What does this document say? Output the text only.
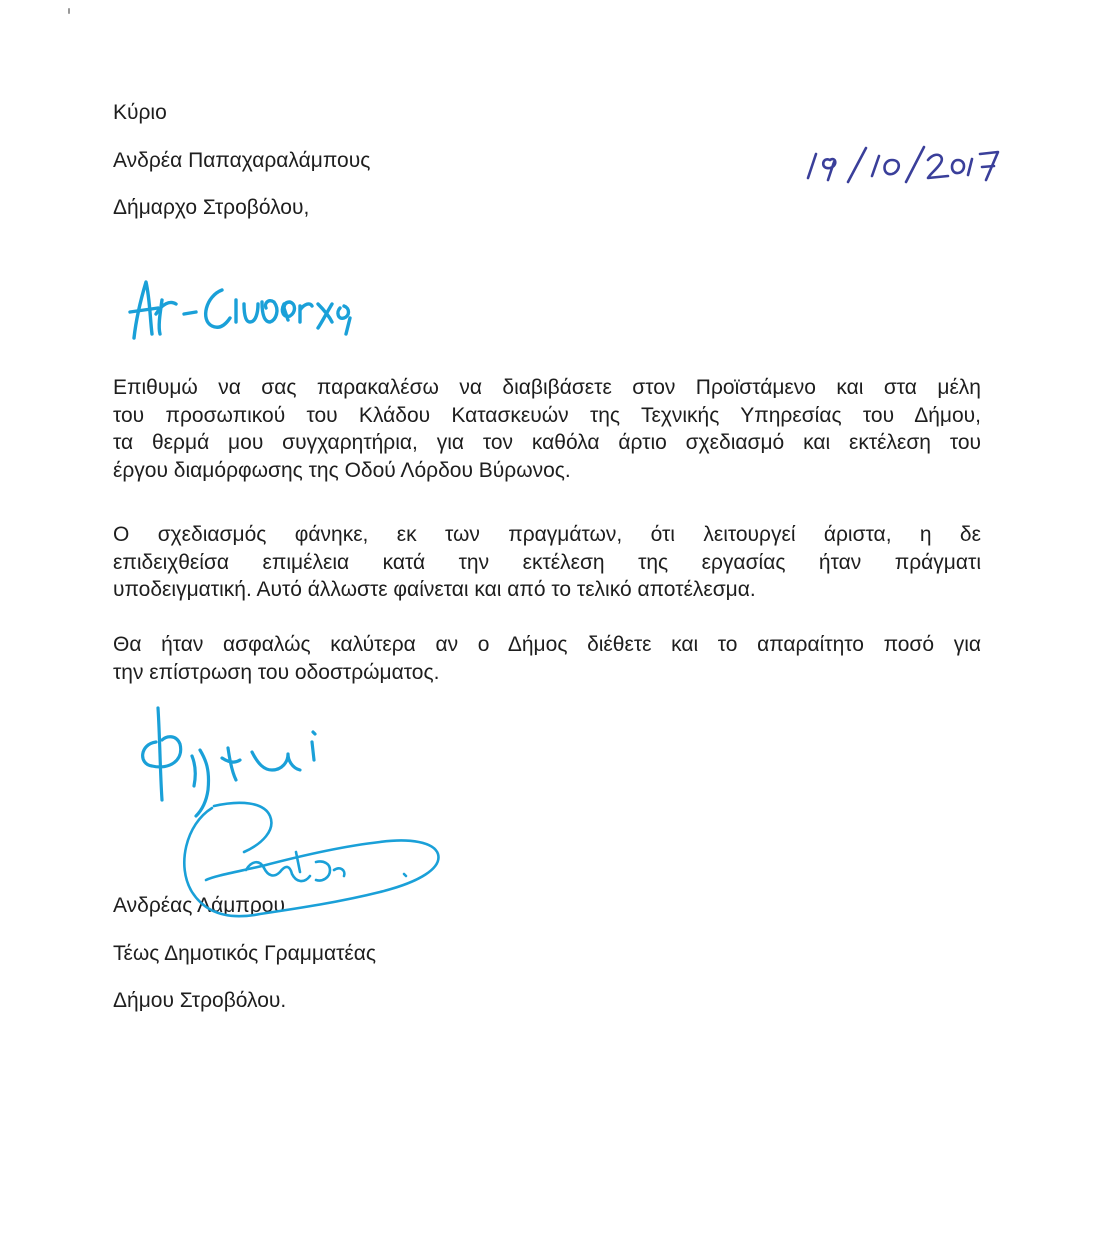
Κύριο
Ανδρέα Παπαχαραλάμπους
Δήμαρχο Στροβόλου,
Επιθυμώ να σας παρακαλέσω να διαβιβάσετε στον Προϊστάμενο και στα μέλη
του προσωπικού του Κλάδου Κατασκευών της Τεχνικής Υπηρεσίας του Δήμου,
τα θερμά μου συγχαρητήρια, για τον καθόλα άρτιο σχεδιασμό και εκτέλεση του
έργου διαμόρφωσης της Οδού Λόρδου Βύρωνος.
Ο σχεδιασμός φάνηκε, εκ των πραγμάτων, ότι λειτουργεί άριστα, η δε
επιδειχθείσα επιμέλεια κατά την εκτέλεση της εργασίας ήταν πράγματι
υποδειγματική. Αυτό άλλωστε φαίνεται και από το τελικό αποτέλεσμα.
Θα ήταν ασφαλώς καλύτερα αν ο Δήμος διέθετε και το απαραίτητο ποσό για
την επίστρωση του οδοστρώματος.
Ανδρέας Λάμπρου
Τέως Δημοτικός Γραμματέας
Δήμου Στροβόλου.
